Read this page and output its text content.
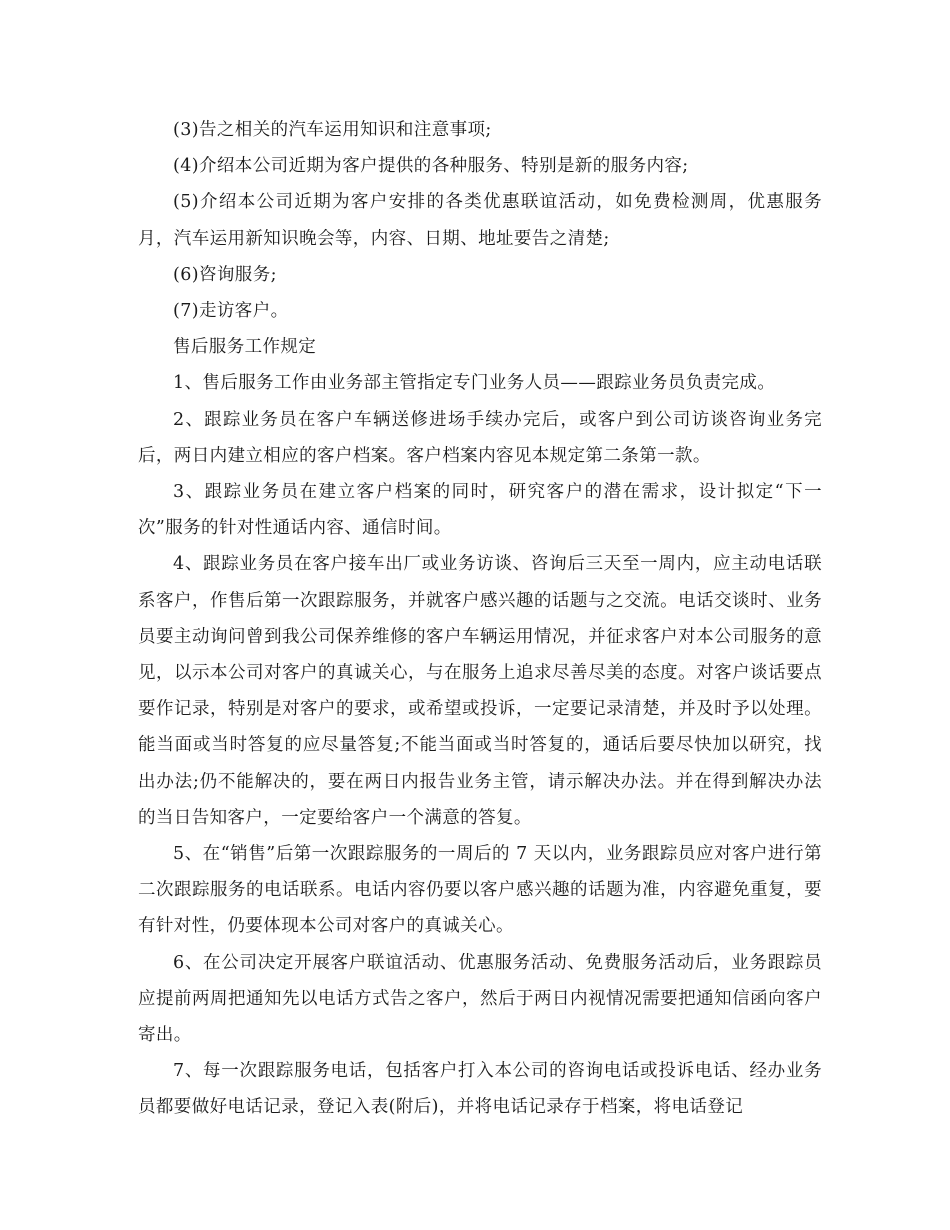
(3)告之相关的汽车运用知识和注意事项;

(4)介绍本公司近期为客户提供的各种服务、特别是新的服务内容;

(5)介绍本公司近期为客户安排的各类优惠联谊活动，如免费检测周，优惠服务月，汽车运用新知识晚会等，内容、日期、地址要告之清楚;

(6)咨询服务;

(7)走访客户。

售后服务工作规定

1、售后服务工作由业务部主管指定专门业务人员——跟踪业务员负责完成。

2、跟踪业务员在客户车辆送修进场手续办完后，或客户到公司访谈咨询业务完后，两日内建立相应的客户档案。客户档案内容见本规定第二条第一款。

3、跟踪业务员在建立客户档案的同时，研究客户的潜在需求，设计拟定“下一次”服务的针对性通话内容、通信时间。

4、跟踪业务员在客户接车出厂或业务访谈、咨询后三天至一周内，应主动电话联系客户，作售后第一次跟踪服务，并就客户感兴趣的话题与之交流。电话交谈时、业务员要主动询问曾到我公司保养维修的客户车辆运用情况，并征求客户对本公司服务的意见，以示本公司对客户的真诚关心，与在服务上追求尽善尽美的态度。对客户谈话要点要作记录，特别是对客户的要求，或希望或投诉，一定要记录清楚，并及时予以处理。能当面或当时答复的应尽量答复;不能当面或当时答复的，通话后要尽快加以研究，找出办法;仍不能解决的，要在两日内报告业务主管，请示解决办法。并在得到解决办法的当日告知客户，一定要给客户一个满意的答复。

5、在“销售”后第一次跟踪服务的一周后的 7 天以内，业务跟踪员应对客户进行第二次跟踪服务的电话联系。电话内容仍要以客户感兴趣的话题为准，内容避免重复，要有针对性，仍要体现本公司对客户的真诚关心。

6、在公司决定开展客户联谊活动、优惠服务活动、免费服务活动后，业务跟踪员应提前两周把通知先以电话方式告之客户，然后于两日内视情况需要把通知信函向客户寄出。

7、每一次跟踪服务电话，包括客户打入本公司的咨询电话或投诉电话、经办业务员都要做好电话记录，登记入表(附后)，并将电话记录存于档案，将电话登记
